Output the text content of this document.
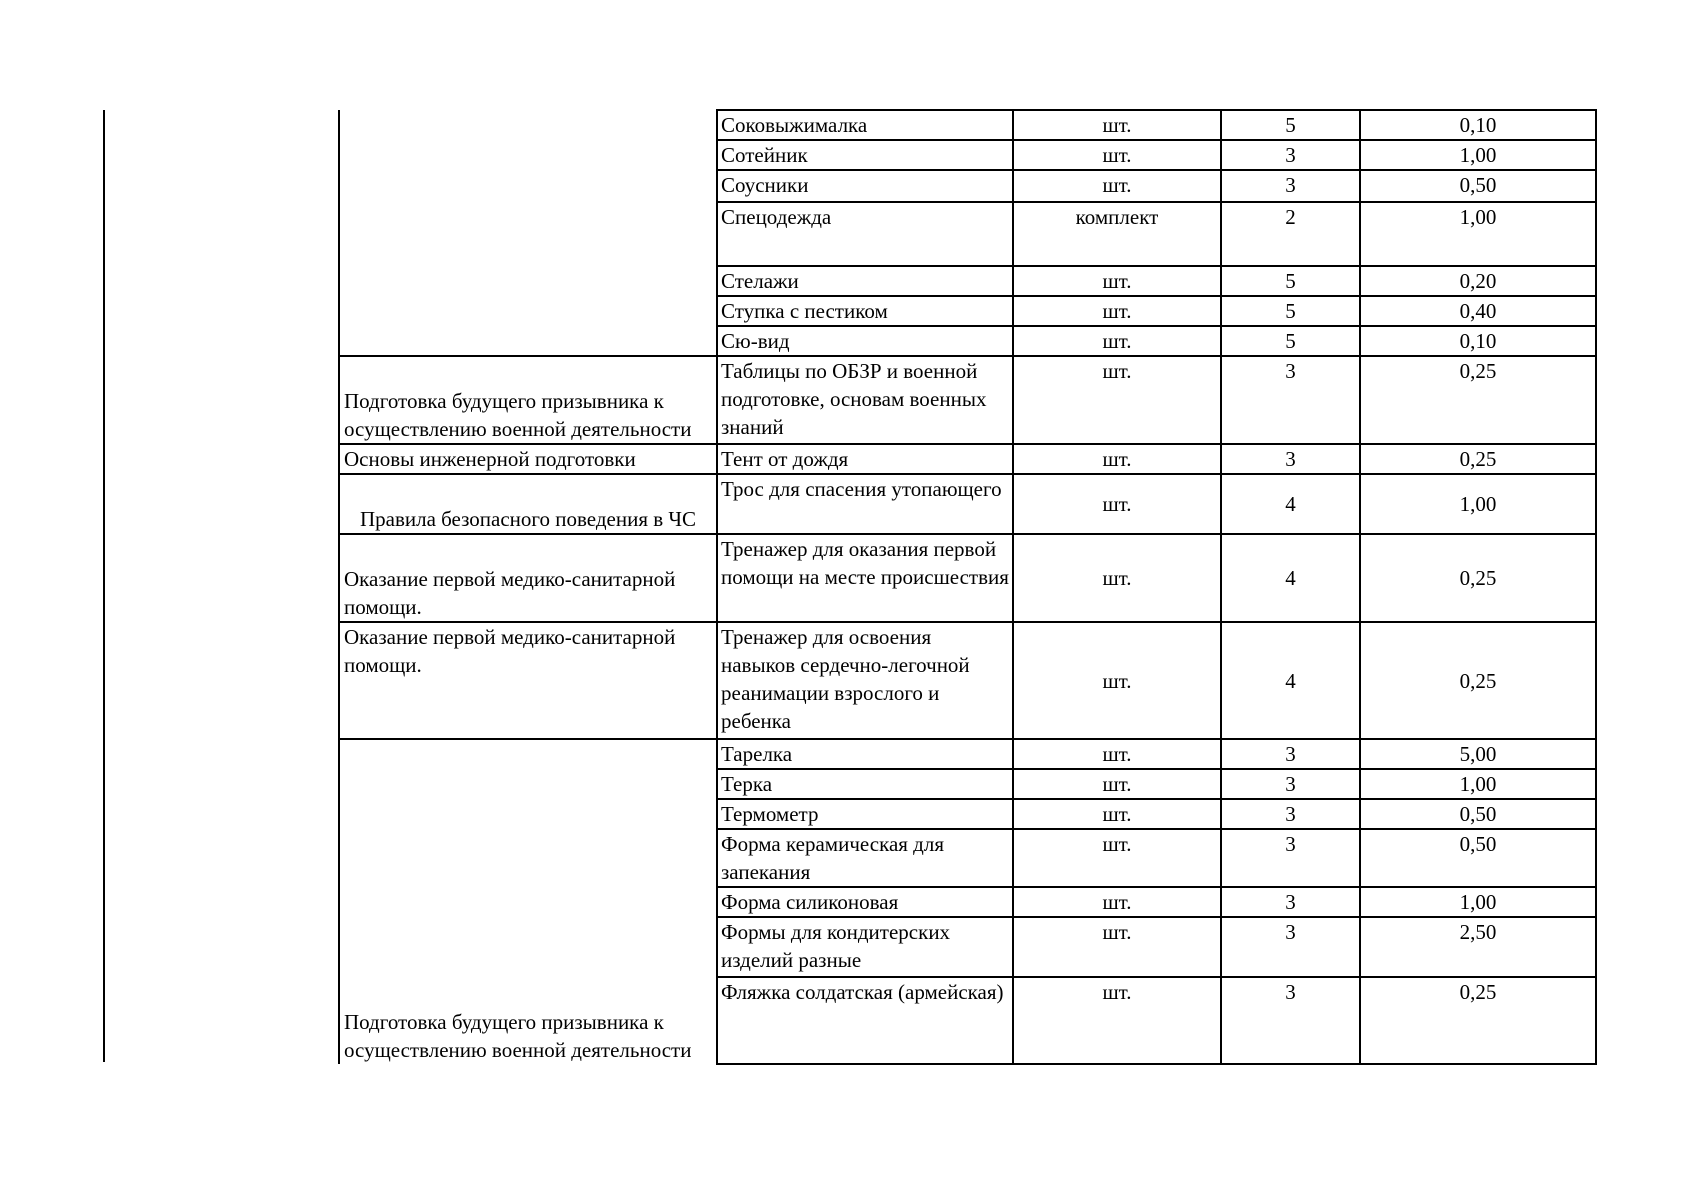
	Соковыжималка	шт.	5	0,10
	Сотейник	шт.	3	1,00
	Соусники	шт.	3	0,50
	Спецодежда	комплект	2	1,00
	Стелажи	шт.	5	0,20
	Ступка с пестиком	шт.	5	0,40
	Сю-вид	шт.	5	0,10
Подготовка будущего призывника к осуществлению военной деятельности	Таблицы по ОБЗР и военной подготовке, основам военных знаний	шт.	3	0,25
Основы инженерной подготовки	Тент от дождя	шт.	3	0,25
Правила безопасного поведения в ЧС	Трос для спасения утопающего	шт.	4	1,00
Оказание первой медико-санитарной помощи.	Тренажер для оказания первой помощи на месте происшествия	шт.	4	0,25
Оказание первой медико-санитарной помощи.	Тренажер для освоения навыков сердечно-легочной реанимации взрослого и ребенка	шт.	4	0,25
Подготовка будущего призывника к осуществлению военной деятельности	Тарелка	шт.	3	5,00
	Терка	шт.	3	1,00
	Термометр	шт.	3	0,50
	Форма керамическая для запекания	шт.	3	0,50
	Форма силиконовая	шт.	3	1,00
	Формы для кондитерских изделий разные	шт.	3	2,50
	Фляжка солдатская (армейская)	шт.	3	0,25
